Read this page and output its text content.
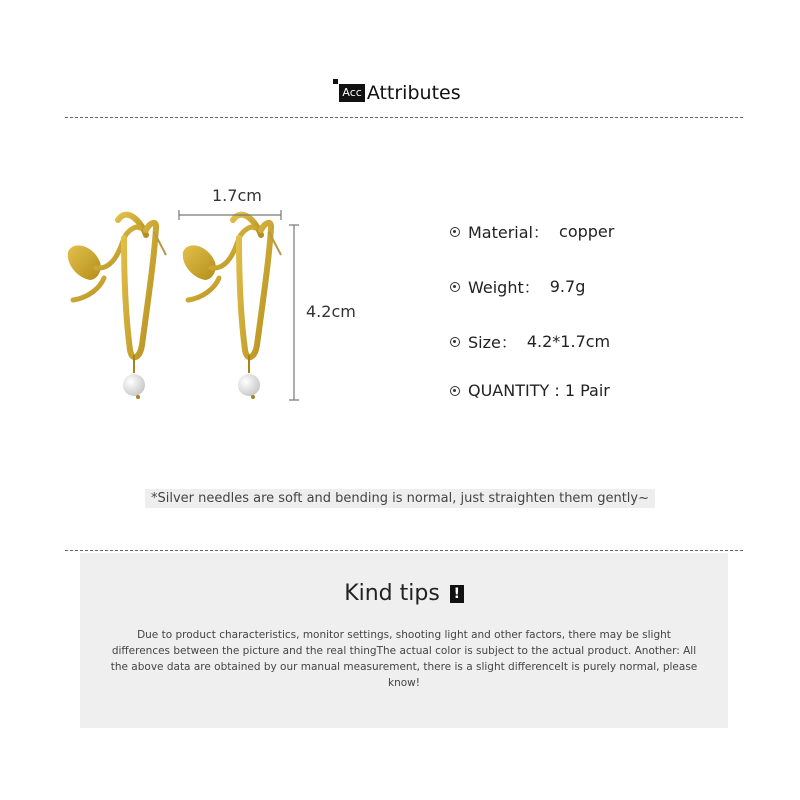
Acc Attributes
1.7cm
4.2cm
Material： copper
Weight： 9.7g
Size： 4.2*1.7cm
QUANTITY : 1 Pair
*Silver needles are soft and bending is normal, just straighten them gently~
Kind tips !
Due to product characteristics, monitor settings, shooting light and other factors, there may be slight differences between the picture and the real thingThe actual color is subject to the actual product. Another: All the above data are obtained by our manual measurement, there is a slight differenceIt is purely normal, please know!
